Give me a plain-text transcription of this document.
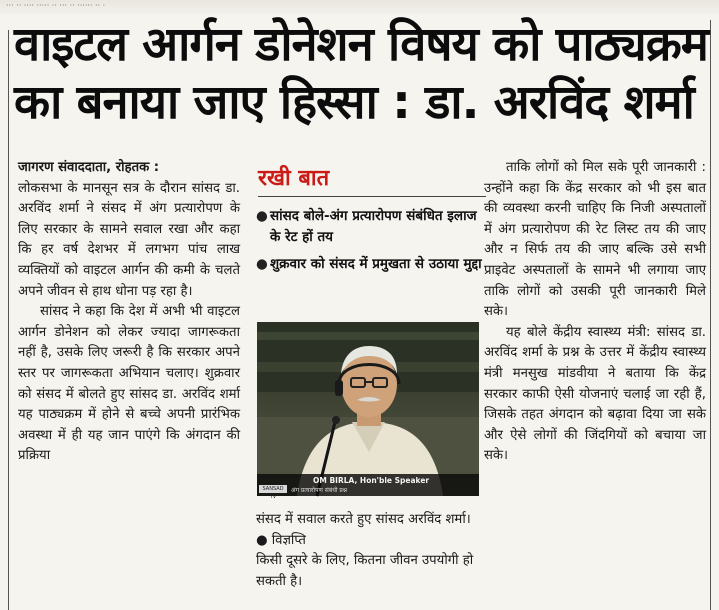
··· ·· ···· ····· ·· ··· ·· ······ ·· ·
वाइटल आर्गन डोनेशन विषय को पाठ्यक्रम
का बनाया जाए हिस्सा : डा. अरविंद शर्मा

जागरण संवाददाता, रोहतक :

लोकसभा के मानसून सत्र के दौरान सांसद डा. अरविंद शर्मा ने संसद में अंग प्रत्यारोपण के लिए सरकार के सामने सवाल रखा और कहा कि हर वर्ष देशभर में लगभग पांच लाख व्यक्तियों को वाइटल आर्गन की कमी के चलते अपने जीवन से हाथ धोना पड़ रहा है।

सांसद ने कहा कि देश में अभी भी वाइटल आर्गन डोनेशन को लेकर ज्यादा जागरूकता नहीं है, उसके लिए जरूरी है कि सरकार अपने स्तर पर जागरूकता अभियान चलाए। शुक्रवार को संसद में बोलते हुए सांसद डा. अरविंद शर्मा यह पाठ्यक्रम में होने से बच्चे अपनी प्रारंभिक अवस्था में ही यह जान पाएंगे कि अंगदान की प्रक्रिया

रखी बात
● सांसद बोले-अंग प्रत्यारोपण संबंधित इलाज के रेट हों तय
● शुक्रवार को संसद में प्रमुखता से उठाया मुद्दा
SANSAD TV
OM BIRLA, Hon'ble Speaker
अंग प्रत्यारोपण संबंधी प्रश्न
संसद में सवाल करते हुए सांसद अरविंद शर्मा। ● विज्ञप्ति
किसी दूसरे के लिए, कितना जीवन उपयोगी हो सकती है।

ताकि लोगों को मिल सके पूरी जानकारी : उन्होंने कहा कि केंद्र सरकार को भी इस बात की व्यवस्था करनी चाहिए कि निजी अस्पतालों में अंग प्रत्यारोपण की रेट लिस्ट तय की जाए और न सिर्फ तय की जाए बल्कि उसे सभी प्राइवेट अस्पतालों के सामने भी लगाया जाए ताकि लोगों को उसकी पूरी जानकारी मिले सके।

यह बोले केंद्रीय स्वास्थ्य मंत्री: सांसद डा. अरविंद शर्मा के प्रश्न के उत्तर में केंद्रीय स्वास्थ्य मंत्री मनसुख मांडवीया ने बताया कि केंद्र सरकार काफी ऐसी योजनाएं चलाई जा रही हैं, जिसके तहत अंगदान को बढ़ावा दिया जा सके और ऐसे लोगों की जिंदगियों को बचाया जा सके।
